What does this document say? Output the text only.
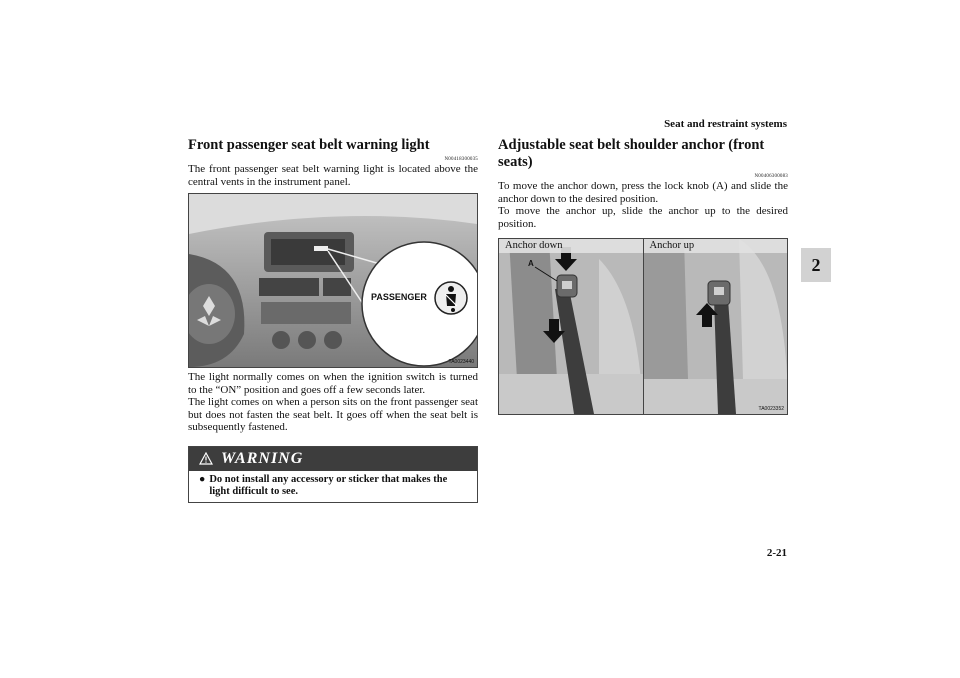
Seat and restraint systems
2
Front passenger seat belt warning light
N00418300035

The front passenger seat belt warning light is located above the central vents in the instrument panel.

PASSENGER
TA0023440

The light normally comes on when the ignition switch is turned to the “ON” position and goes off a few seconds later.

The light comes on when a person sits on the front passenger seat but does not fasten the seat belt. It goes off when the seat belt is subsequently fastened.

WARNING
● Do not install any accessory or sticker that makes the light difficult to see.
Adjustable seat belt shoulder anchor (front seats)
N00406300083

To move the anchor down, press the lock knob (A) and slide the anchor down to the desired position.

To move the anchor up, slide the anchor up to the desired position.

Anchor down
A
Anchor up
TA0023352
2-21
